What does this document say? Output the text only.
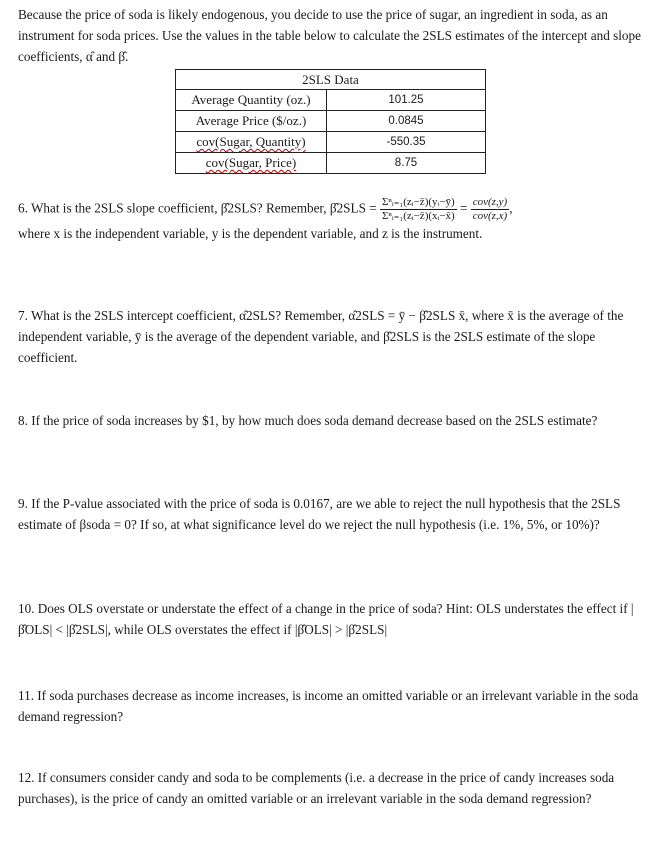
Because the price of soda is likely endogenous, you decide to use the price of sugar, an ingredient in soda, as an instrument for soda prices. Use the values in the table below to calculate the 2SLS estimates of the intercept and slope coefficients, α̂ and β̂.

2SLS Data	
Average Quantity (oz.)	101.25
Average Price ($/oz.)	0.0845
cov(Sugar, Quantity)	-550.35
cov(Sugar, Price)	8.75

6. What is the 2SLS slope coefficient, β̂2SLS? Remember, β̂2SLS = $\frac{\text{Σⁿᵢ₌₁(zᵢ−z̄)(yᵢ−ȳ)}}{\text{Σⁿᵢ₌₁(zᵢ−z̄)(xᵢ−x̄)}} = \frac{\text{cov(z,y)}}{\text{cov(z,x)}}$ ,

where x is the independent variable, y is the dependent variable, and z is the instrument.

7. What is the 2SLS intercept coefficient, α̂2SLS? Remember, α̂2SLS = ȳ − β̂2SLS x̄, where x̄ is the average of the independent variable, ȳ is the average of the dependent variable, and β̂2SLS is the 2SLS estimate of the slope coefficient.

8. If the price of soda increases by $1, by how much does soda demand decrease based on the 2SLS estimate?

9. If the P-value associated with the price of soda is 0.0167, are we able to reject the null hypothesis that the 2SLS estimate of βsoda = 0? If so, at what significance level do we reject the null hypothesis (i.e. 1%, 5%, or 10%)?

10. Does OLS overstate or understate the effect of a change in the price of soda? Hint: OLS understates the effect if |β̂OLS| < |β̂2SLS|, while OLS overstates the effect if |β̂OLS| > |β̂2SLS|

11. If soda purchases decrease as income increases, is income an omitted variable or an irrelevant variable in the soda demand regression?

12. If consumers consider candy and soda to be complements (i.e. a decrease in the price of candy increases soda purchases), is the price of candy an omitted variable or an irrelevant variable in the soda demand regression?
